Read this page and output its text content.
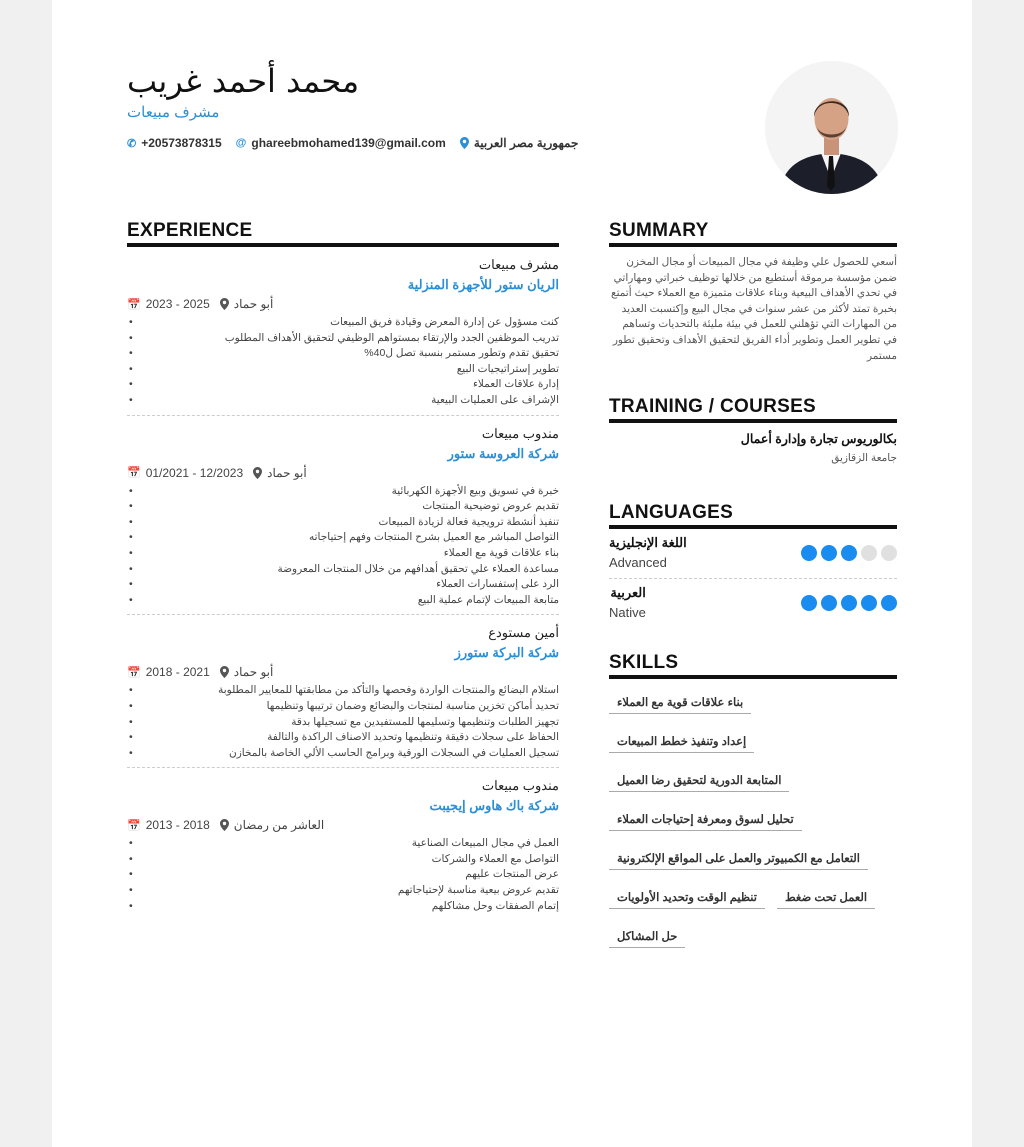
محمد أحمد غريب
مشرف مبيعات
✆ +20573878315 @ ghareebmohamed139@gmail.com جمهورية مصر العربية
EXPERIENCE
مشرف مبيعات
الريان ستور للأجهزة المنزلية
📅 2023 - 2025 أبو حماد
• كنت مسؤول عن إدارة المعرض وقيادة فريق المبيعات
• تدريب الموظفين الجدد والإرتقاء بمستواهم الوظيفي لتحقيق الأهداف المطلوب
• تحقيق تقدم وتطور مستمر بنسبة تصل ل40%
• تطوير إستراتيجيات البيع
• إدارة علاقات العملاء
• الإشراف على العمليات البيعية
مندوب مبيعات
شركة العروسة ستور
📅 01/2021 - 12/2023 أبو حماد
• خبرة في تسويق وبيع الأجهزة الكهربائية
• تقديم عروض توضيحية المنتجات
• تنفيذ أنشطة ترويجية فعالة لزيادة المبيعات
• التواصل المباشر مع العميل بشرح المنتجات وفهم إحتياجاته
• بناء علاقات قوية مع العملاء
• مساعدة العملاء علي تحقيق أهدافهم من خلال المنتجات المعروضة
• الرد على إستفسارات العملاء
• متابعة المبيعات لإتمام عملية البيع
أمين مستودع
شركة البركة ستورز
📅 2018 - 2021 أبو حماد
• استلام البضائع والمنتجات الواردة وفحصها والتأكد من مطابقتها للمعايير المطلوبة
• تحديد أماكن تخزين مناسبة لمنتجات والبضائع وضمان ترتيبها وتنظيمها
• تجهيز الطلبات وتنظيمها وتسليمها للمستفيدين مع تسجيلها بدقة
• الحفاظ على سجلات دقيقة وتنظيمها وتحديد الاصناف الراكدة والتالفة
• تسجيل العمليات في السجلات الورقية وبرامج الحاسب الألي الخاصة بالمخازن
مندوب مبيعات
شركة باك هاوس إيجيبت
📅 2013 - 2018 العاشر من رمضان
• العمل في مجال المبيعات الصناعية
• التواصل مع العملاء والشركات
• عرض المنتجات عليهم
• تقديم عروض بيعية مناسبة لإحتياجاتهم
• إتمام الصفقات وحل مشاكلهم
SUMMARY
أسعي للحصول علي وظيفة في مجال المبيعات أو مجال المخزن ضمن مؤسسة مرموقة أستطيع من خلالها توظيف خبراتي ومهاراتي في تحدي الأهداف البيعية وبناء علاقات متميزة مع العملاء حيث أتمتع بخبرة تمتد لأكثر من عشر سنوات في مجال البيع وإكتسبت العديد من المهارات التي تؤهلني للعمل في بيئة مليئة بالتحديات وتساهم في تطوير العمل وتطوير أداء الفريق لتحقيق الأهداف وتحقيق تطور مستمر
TRAINING / COURSES
بكالوريوس تجارة وإدارة أعمال
جامعة الزقازيق
LANGUAGES
اللغة الإنجليزية
Advanced
العربية
Native
SKILLS
بناء علاقات قوية مع العملاء
إعداد وتنفيذ خطط المبيعات
المتابعة الدورية لتحقيق رضا العميل
تحليل لسوق ومعرفة إحتياجات العملاء
التعامل مع الكمبيوتر والعمل على المواقع الإلكترونية
تنظيم الوقت وتحديد الأولويات	العمل تحت ضغط
حل المشاكل
